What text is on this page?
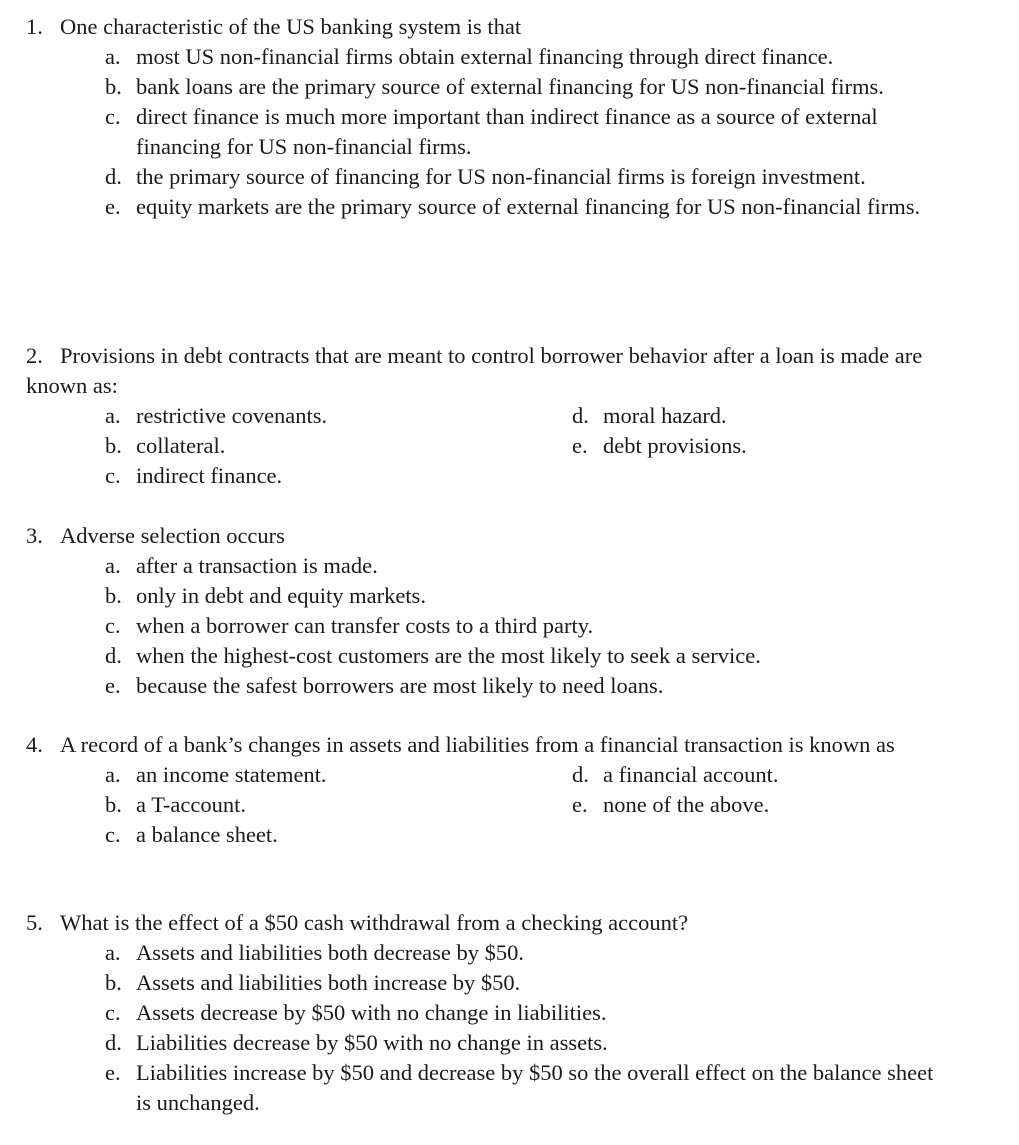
1. One characteristic of the US banking system is that

a. most US non-financial firms obtain external financing through direct finance.
b. bank loans are the primary source of external financing for US non-financial firms.
c. direct finance is much more important than indirect finance as a source of external financing for US non-financial firms.
d. the primary source of financing for US non-financial firms is foreign investment.
e. equity markets are the primary source of external financing for US non-financial firms.

2. Provisions in debt contracts that are meant to control borrower behavior after a loan is made are known as:

a. restrictive covenants.
b. collateral.
c. indirect finance.
d. moral hazard.
e. debt provisions.

3. Adverse selection occurs

a. after a transaction is made.
b. only in debt and equity markets.
c. when a borrower can transfer costs to a third party.
d. when the highest-cost customers are the most likely to seek a service.
e. because the safest borrowers are most likely to need loans.

4. A record of a bank’s changes in assets and liabilities from a financial transaction is known as

a. an income statement.
b. a T-account.
c. a balance sheet.
d. a financial account.
e. none of the above.

5. What is the effect of a $50 cash withdrawal from a checking account?

a. Assets and liabilities both decrease by $50.
b. Assets and liabilities both increase by $50.
c. Assets decrease by $50 with no change in liabilities.
d. Liabilities decrease by $50 with no change in assets.
e. Liabilities increase by $50 and decrease by $50 so the overall effect on the balance sheet is unchanged.
